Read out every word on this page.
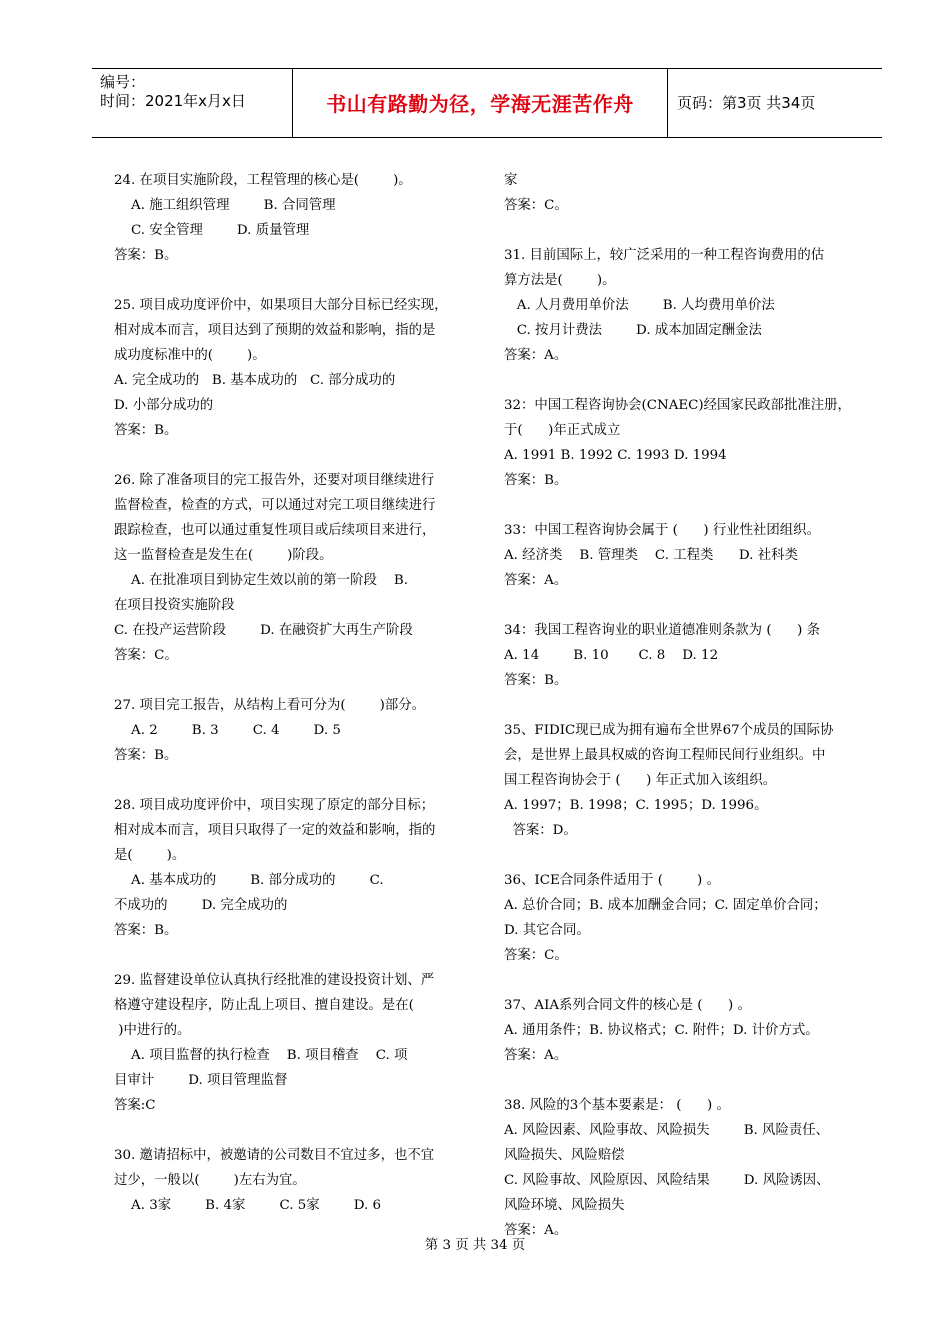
编号：
时间：2021年x月x日	书山有路勤为径，学海无涯苦作舟	页码：第3页 共34页
24. 在项目实施阶段，工程管理的核心是(        )。
A. 施工组织管理        B. 合同管理
C. 安全管理        D. 质量管理
答案：B。
25. 项目成功度评价中，如果项目大部分目标已经实现，
相对成本而言，项目达到了预期的效益和影响，指的是
成功度标准中的(        )。
A. 完全成功的   B. 基本成功的   C. 部分成功的
D. 小部分成功的
答案：B。
26. 除了准备项目的完工报告外，还要对项目继续进行
监督检查，检查的方式，可以通过对完工项目继续进行
跟踪检查，也可以通过重复性项目或后续项目来进行，
这一监督检查是发生在(        )阶段。
A. 在批准项目到协定生效以前的第一阶段    B.
在项目投资实施阶段
C. 在投产运营阶段        D. 在融资扩大再生产阶段
答案：C。
27. 项目完工报告，从结构上看可分为(        )部分。
A. 2        B. 3        C. 4        D. 5
答案：B。
28. 项目成功度评价中，项目实现了原定的部分目标；
相对成本而言，项目只取得了一定的效益和影响，指的
是(        )。
A. 基本成功的        B. 部分成功的        C.
不成功的        D. 完全成功的
答案：B。
29. 监督建设单位认真执行经批准的建设投资计划、严
格遵守建设程序，防止乱上项目、擅自建设。是在(
)中进行的。
A. 项目监督的执行检查    B. 项目稽查    C. 项
目审计        D. 项目管理监督
答案:C
30. 邀请招标中，被邀请的公司数目不宜过多，也不宜
过少，一般以(        )左右为宜。
A. 3家        B. 4家        C. 5家        D. 6
家
答案：C。
31. 目前国际上，较广泛采用的一种工程咨询费用的估
算方法是(        )。
A. 人月费用单价法        B. 人均费用单价法
C. 按月计费法        D. 成本加固定酬金法
答案：A。
32：中国工程咨询协会(CNAEC)经国家民政部批准注册，
于(      )年正式成立
A. 1991 B. 1992 C. 1993 D. 1994
答案：B。
33：中国工程咨询协会属于 (      ) 行业性社团组织。
A. 经济类    B. 管理类    C. 工程类      D. 社科类
答案：A。
34：我国工程咨询业的职业道德准则条款为 (      ) 条
A. 14        B. 10       C. 8    D. 12
答案：B。
35、FIDIC现已成为拥有遍布全世界67个成员的国际协
会，是世界上最具权威的咨询工程师民间行业组织。中
国工程咨询协会于 (      ) 年正式加入该组织。
A. 1997；B. 1998；C. 1995；D. 1996。
答案：D。
36、ICE合同条件适用于 (        ) 。
A. 总价合同；B. 成本加酬金合同；C. 固定单价合同；
D. 其它合同。
答案：C。
37、AIA系列合同文件的核心是 (      ) 。
A. 通用条件；B. 协议格式；C. 附件；D. 计价方式。
答案：A。
38. 风险的3个基本要素是： (      ) 。
A. 风险因素、风险事故、风险损失        B. 风险责任、
风险损失、风险赔偿
C. 风险事故、风险原因、风险结果        D. 风险诱因、
风险环境、风险损失
答案：A。
第 3 页 共 34 页
